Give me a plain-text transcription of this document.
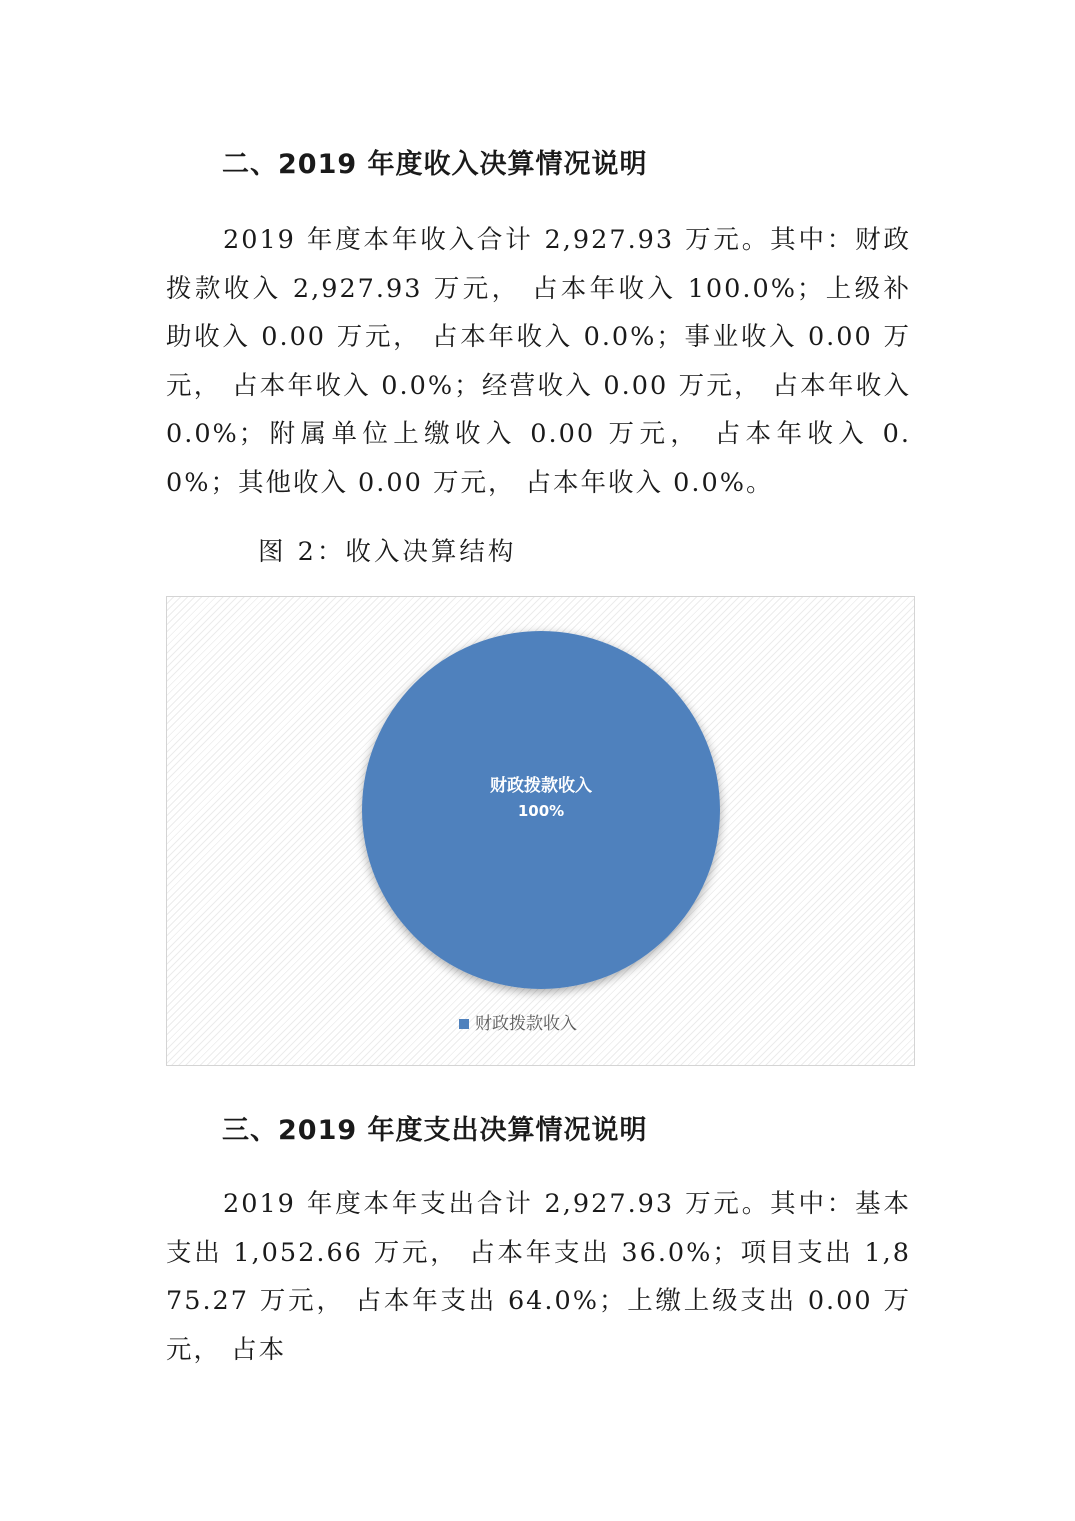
二、2019 年度收入决算情况说明

2019 年度本年收入合计 2,927.93 万元。其中：财政拨款收入 2,927.93 万元， 占本年收入 100.0%；上级补助收入 0.00 万元， 占本年收入 0.0%；事业收入 0.00 万元， 占本年收入 0.0%；经营收入 0.00 万元， 占本年收入 0.0%；附属单位上缴收入 0.00 万元， 占本年收入 0.0%；其他收入 0.00 万元， 占本年收入 0.0%。

图 2：收入决算结构
财政拨款收入
100%
财政拨款收入
三、2019 年度支出决算情况说明

2019 年度本年支出合计 2,927.93 万元。其中：基本支出 1,052.66 万元， 占本年支出 36.0%；项目支出 1,875.27 万元， 占本年支出 64.0%；上缴上级支出 0.00 万元， 占本
